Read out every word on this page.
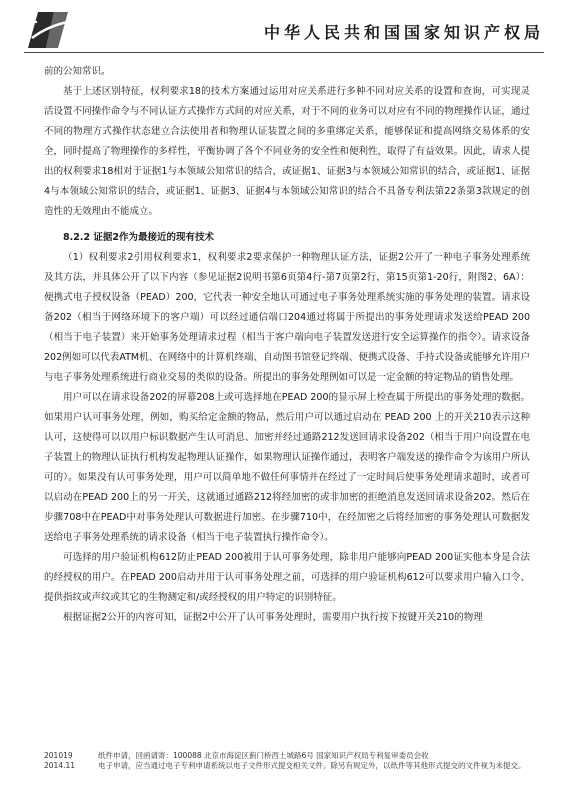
中华人民共和国国家知识产权局

前的公知常识。

基于上述区别特征，权利要求18的技术方案通过运用对应关系进行多种不同对应关系的设置和查询，可实现灵活设置不同操作命令与不同认证方式操作方式间的对应关系，对于不同的业务可以对应有不同的物理操作认证，通过不同的物理方式操作状态建立合法使用者和物理认证装置之间的多重绑定关系，能够保证和提高网络交易体系的安全，同时提高了物理操作的多样性，平衡协调了各个不同业务的安全性和便利性，取得了有益效果。因此，请求人提出的权利要求18相对于证据1与本领域公知常识的结合，或证据1、证据3与本领域公知常识的结合，或证据1、证据4与本领域公知常识的结合，或证据1、证据3、证据4与本领域公知常识的结合不具备专利法第22条第3款规定的创造性的无效理由不能成立。

8.2.2 证据2作为最接近的现有技术

（1）权利要求2引用权利要求1，权利要求2要求保护一种物理认证方法，证据2公开了一种电子事务处理系统及其方法，并具体公开了以下内容（参见证据2说明书第6页第4行-第7页第2行，第15页第1-20行，附图2、6A）：便携式电子授权设备（PEAD）200，它代表一种安全地认可通过电子事务处理系统实施的事务处理的装置。请求设备202（相当于网络环境下的客户端）可以经过通信端口204通过将属于所提出的事务处理请求发送给PEAD 200（相当于电子装置）来开始事务处理请求过程（相当于客户端向电子装置发送进行安全运算操作的指令）。请求设备202例如可以代表ATM机、在网络中的计算机终端、自动图书馆登记终端、便携式设备、手持式设备或能够允许用户与电子事务处理系统进行商业交易的类似的设备。所提出的事务处理例如可以是一定金额的特定物品的销售处理。

用户可以在请求设备202的屏幕208上或可选择地在PEAD 200的显示屏上检查属于所提出的事务处理的数据。如果用户认可事务处理，例如，购买给定金额的物品，然后用户可以通过启动在 PEAD 200 上的开关210表示这种认可，这使得可以以用户标识数据产生认可消息、加密并经过通路212发送回请求设备202（相当于用户向设置在电子装置上的物理认证执行机构发起物理认证操作，如果物理认证操作通过，表明客户端发送的操作命令为该用户所认可的）。如果没有认可事务处理，用户可以简单地不做任何事情并在经过了一定时间后使事务处理请求超时，或者可以启动在PEAD 200上的另一开关，这就通过通路212将经加密的或非加密的拒绝消息发送回请求设备202。然后在步骤708中在PEAD中对事务处理认可数据进行加密。在步骤710中，在经加密之后将经加密的事务处理认可数据发送给电子事务处理系统的请求设备（相当于电子装置执行操作命令）。

可选择的用户验证机构612防止PEAD 200被用于认可事务处理，除非用户能够向PEAD 200证实他本身是合法的经授权的用户。在PEAD 200启动并用于认可事务处理之前，可选择的用户验证机构612可以要求用户输入口令、提供指纹或声纹或其它的生物测定和/或经授权的用户特定的识别特征。

根据证据2公开的内容可知，证据2中公开了认可事务处理时，需要用户执行按下按键开关210的物理

201019	纸件申请，回函请寄：100088 北京市海淀区蓟门桥西土城路6号 国家知识产权局专利复审委员会收
2014.11	电子申请，应当通过电子专利申请系统以电子文件形式提交相关文件。除另有规定外，以纸件等其他形式提交的文件视为未提交。
